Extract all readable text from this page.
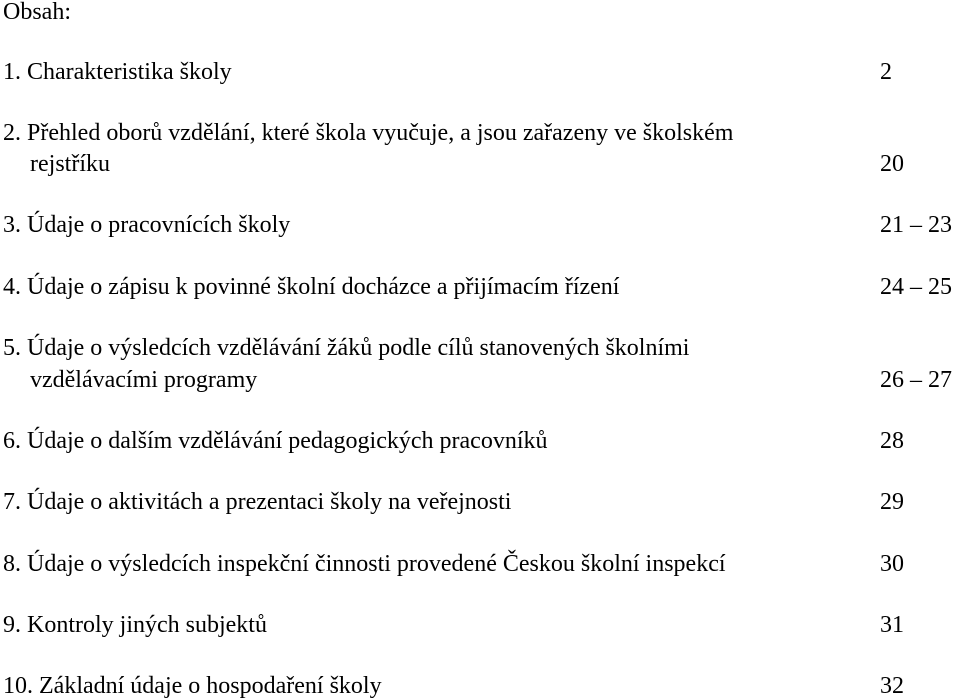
Obsah:
1. Charakteristika školy	2
2. Přehled oborů vzdělání, které škola vyučuje, a jsou zařazeny ve školském
rejstříku	20
3. Údaje o pracovnících školy	21 – 23
4. Údaje o zápisu k povinné školní docházce a přijímacím řízení	24 – 25
5. Údaje o výsledcích vzdělávání žáků podle cílů stanovených školními
vzdělávacími programy	26 – 27
6. Údaje o dalším vzdělávání pedagogických pracovníků	28
7. Údaje o aktivitách a prezentaci školy na veřejnosti	29
8. Údaje o výsledcích inspekční činnosti provedené Českou školní inspekcí	30
9. Kontroly jiných subjektů	31
10. Základní údaje o hospodaření školy	32
